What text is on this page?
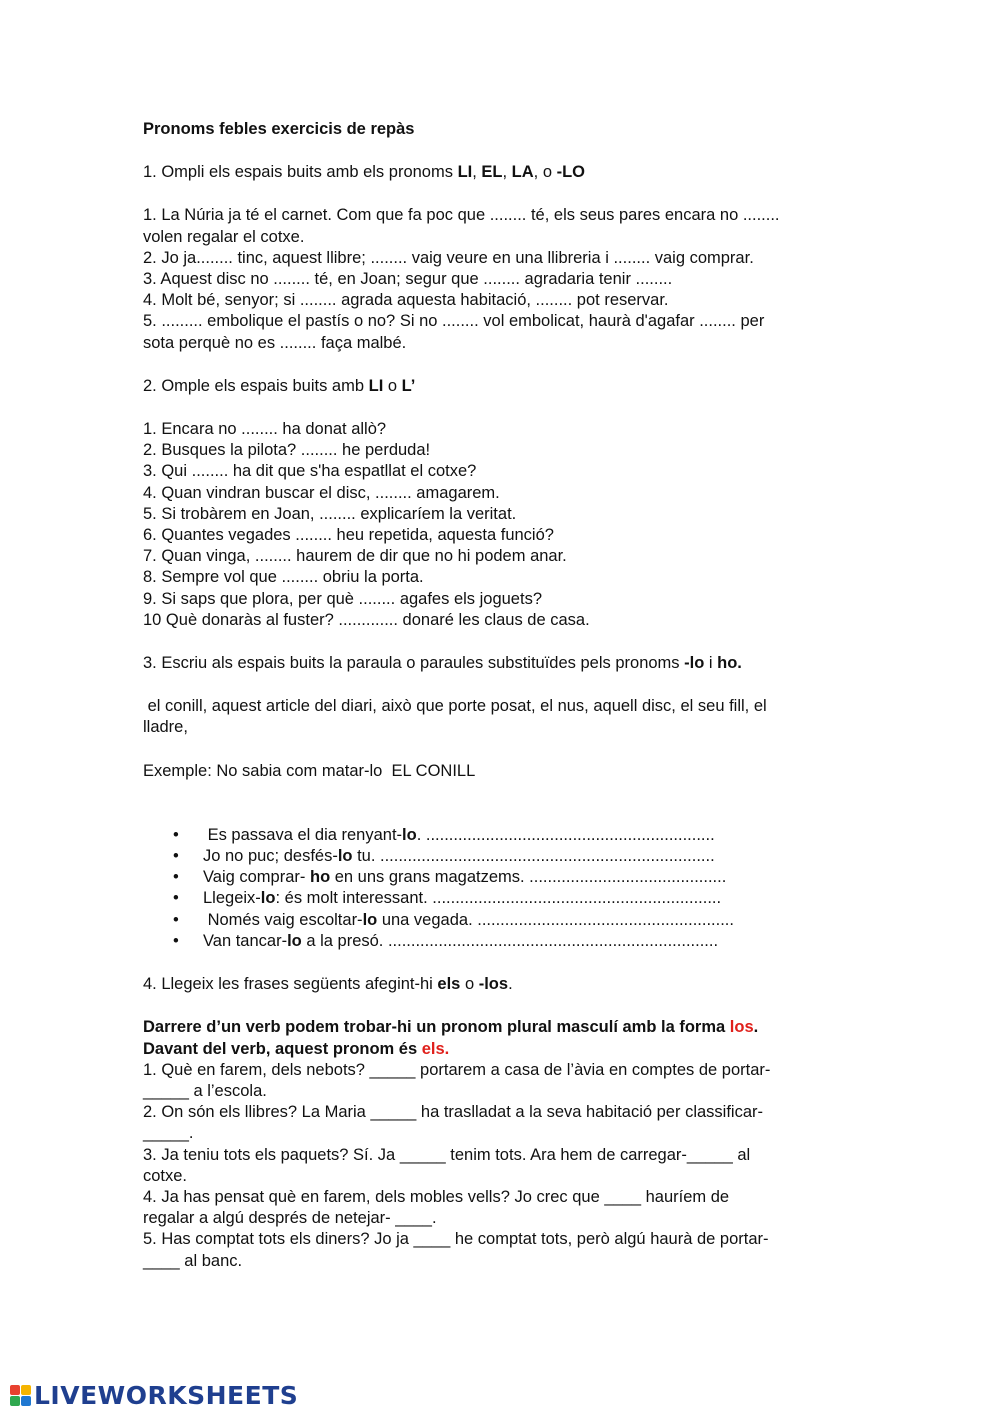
Pronoms febles exercicis de repàs

1. Ompli els espais buits amb els pronoms LI, EL, LA, o -LO

1. La Núria ja té el carnet. Com que fa poc que ........ té, els seus pares encara no ........

volen regalar el cotxe.

2. Jo ja........ tinc, aquest llibre; ........ vaig veure en una llibreria i ........ vaig comprar.

3. Aquest disc no ........ té, en Joan; segur que ........ agradaria tenir ........

4. Molt bé, senyor; si ........ agrada aquesta habitació, ........ pot reservar.

5. ......... embolique el pastís o no? Si no ........ vol embolicat, haurà d'agafar ........ per

sota perquè no es ........ faça malbé.

2. Omple els espais buits amb LI o L’

1. Encara no ........ ha donat allò?

2. Busques la pilota? ........ he perduda!

3. Qui ........ ha dit que s'ha espatllat el cotxe?

4. Quan vindran buscar el disc, ........ amagarem.

5. Si trobàrem en Joan, ........ explicaríem la veritat.

6. Quantes vegades ........ heu repetida, aquesta funció?

7. Quan vinga, ........ haurem de dir que no hi podem anar.

8. Sempre vol que ........ obriu la porta.

9. Si saps que plora, per què ........ agafes els joguets?

10 Què donaràs al fuster? ............. donaré les claus de casa.

3. Escriu als espais buits la paraula o paraules substituïdes pels pronoms -lo i ho.

el conill, aquest article del diari, això que porte posat, el nus, aquell disc, el seu fill, el

lladre,

Exemple: No sabia com matar-lo  EL CONILL

• Es passava el dia renyant-lo. ...............................................................
• Jo no puc; desfés-lo tu. .........................................................................
• Vaig comprar- ho en uns grans magatzems. ...........................................
• Llegeix-lo: és molt interessant. ...............................................................
• Només vaig escoltar-lo una vegada. ........................................................
• Van tancar-lo a la presó. ........................................................................

4. Llegeix les frases següents afegint-hi els o -los.

Darrere d’un verb podem trobar-hi un pronom plural masculí amb la forma los.

Davant del verb, aquest pronom és els.

1. Què en farem, dels nebots? _____ portarem a casa de l’àvia en comptes de portar-

_____ a l’escola.

2. On són els llibres? La Maria _____ ha traslladat a la seva habitació per classificar-

_____.

3. Ja teniu tots els paquets? Sí. Ja _____ tenim tots. Ara hem de carregar-_____ al

cotxe.

4. Ja has pensat què en farem, dels mobles vells? Jo crec que ____ hauríem de

regalar a algú després de netejar- ____.

5. Has comptat tots els diners? Jo ja ____ he comptat tots, però algú haurà de portar-

____ al banc.

LIVEWORKSHEETS
